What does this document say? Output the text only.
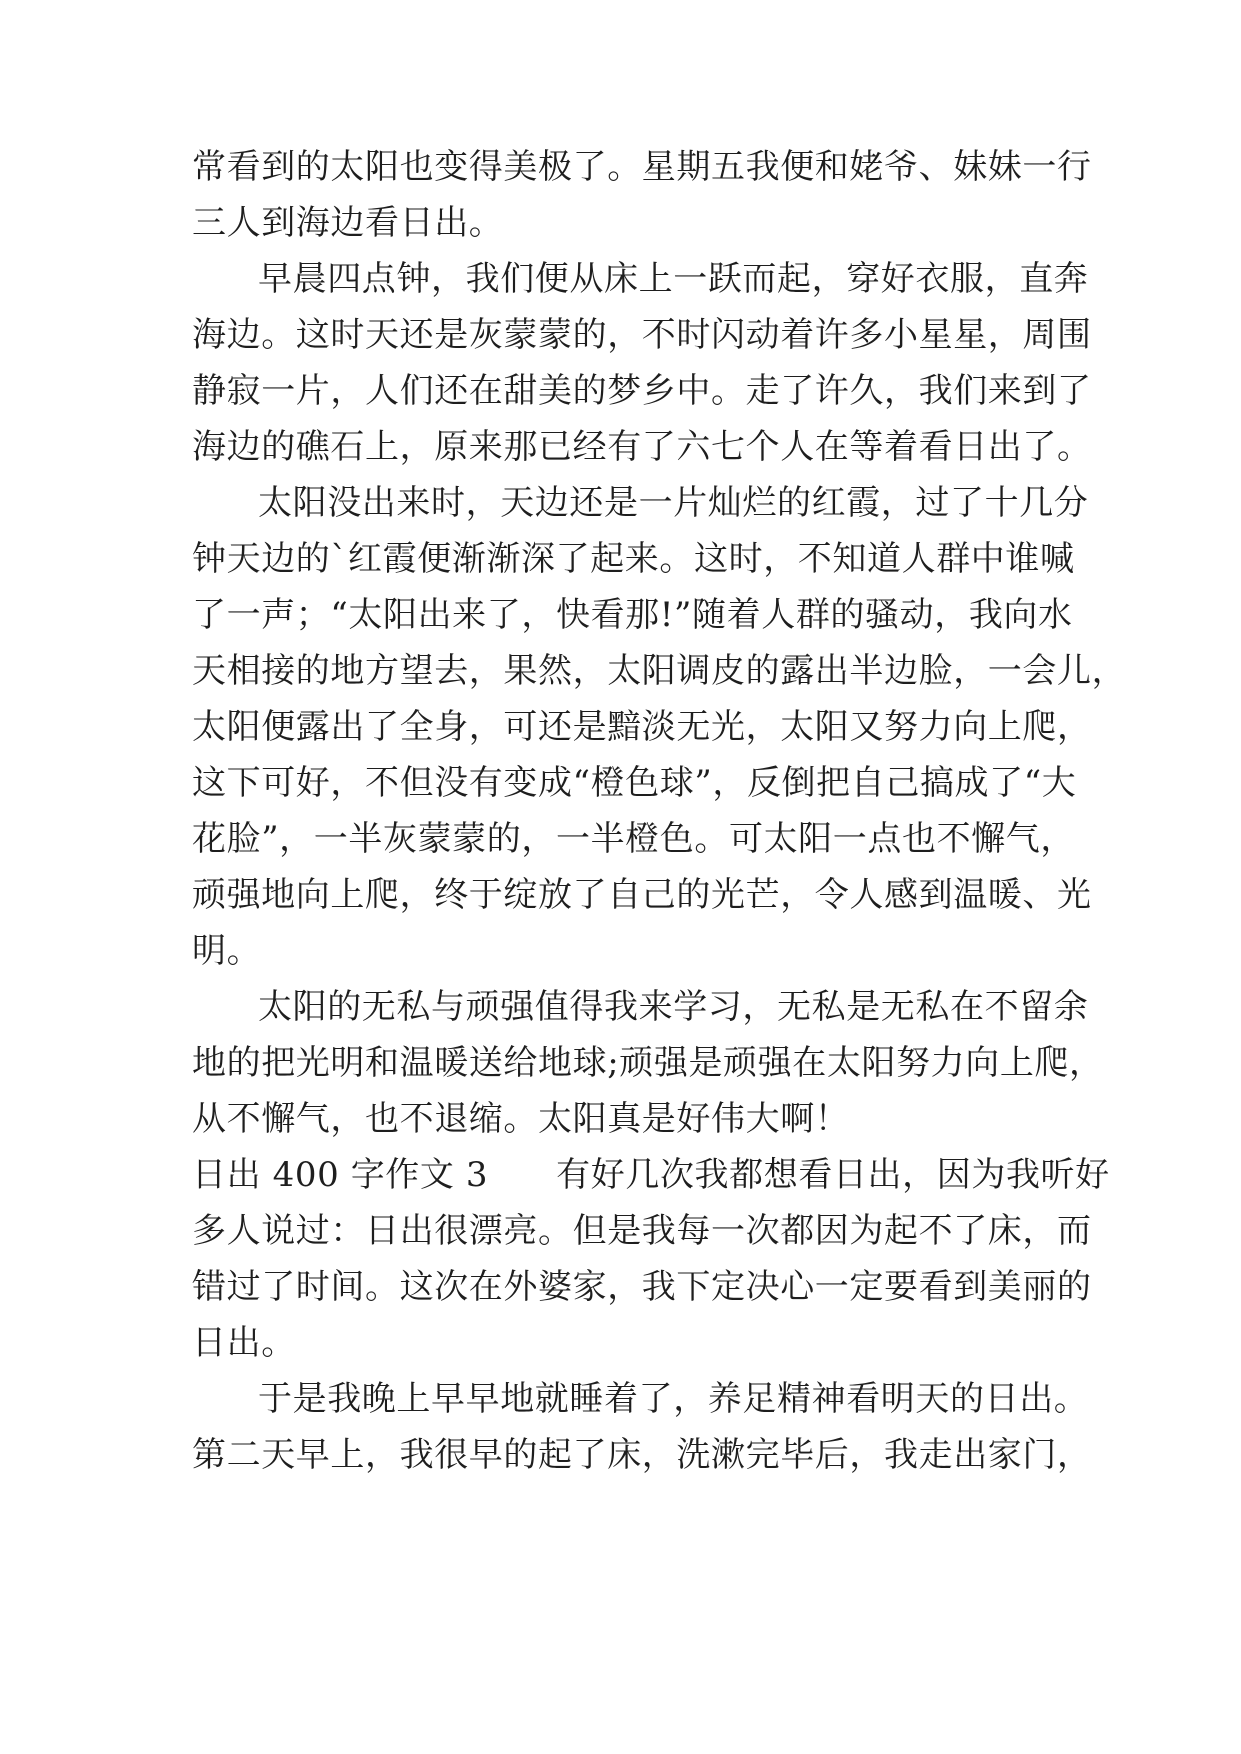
常看到的太阳也变得美极了。星期五我便和姥爷、妹妹一行

三人到海边看日出。

早晨四点钟，我们便从床上一跃而起，穿好衣服，直奔

海边。这时天还是灰蒙蒙的，不时闪动着许多小星星，周围

静寂一片，人们还在甜美的梦乡中。走了许久，我们来到了

海边的礁石上，原来那已经有了六七个人在等着看日出了。

太阳没出来时，天边还是一片灿烂的红霞，过了十几分

钟天边的`红霞便渐渐深了起来。这时，不知道人群中谁喊

了一声；“太阳出来了，快看那!”随着人群的骚动，我向水

天相接的地方望去，果然，太阳调皮的露出半边脸，一会儿，

太阳便露出了全身，可还是黯淡无光，太阳又努力向上爬，

这下可好，不但没有变成“橙色球”，反倒把自己搞成了“大

花脸”，一半灰蒙蒙的，一半橙色。可太阳一点也不懈气，

顽强地向上爬，终于绽放了自己的光芒，令人感到温暖、光

明。

太阳的无私与顽强值得我来学习，无私是无私在不留余

地的把光明和温暖送给地球;顽强是顽强在太阳努力向上爬，

从不懈气，也不退缩。太阳真是好伟大啊！

日出 400 字作文 3 有好几次我都想看日出，因为我听好

多人说过：日出很漂亮。但是我每一次都因为起不了床，而

错过了时间。这次在外婆家，我下定决心一定要看到美丽的

日出。

于是我晚上早早地就睡着了，养足精神看明天的日出。

第二天早上，我很早的起了床，洗漱完毕后，我走出家门，
